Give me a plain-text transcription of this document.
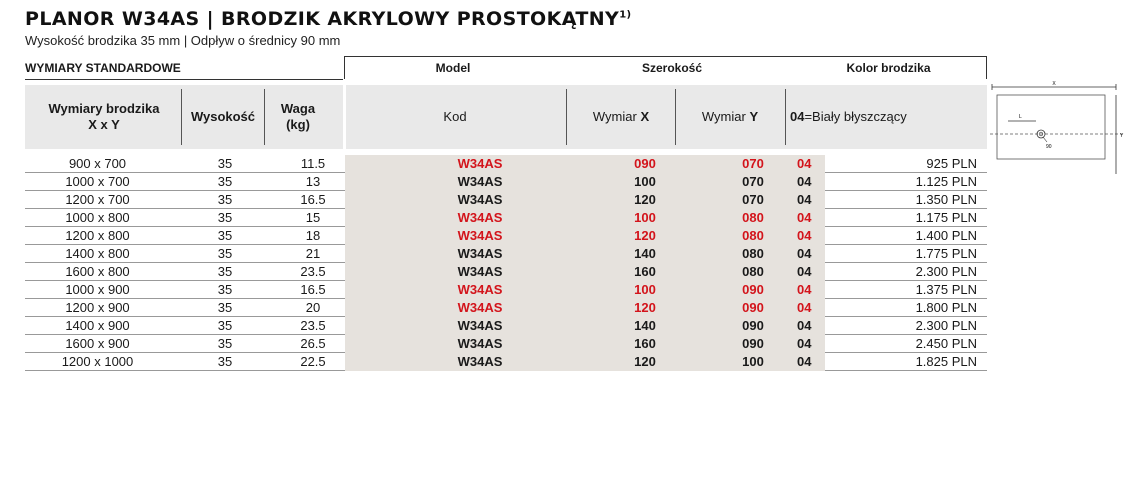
PLANOR W34AS | BRODZIK AKRYLOWY PROSTOKĄTNY$^{1)}$
Wysokość brodzika 35 mm | Odpływ o średnicy 90 mm
WYMIARY STANDARDOWE	Model	Szerokość	Kolor brodzika
Wymiary brodzika
X x Y
Wysokość
Waga
(kg)
Kod	Wymiar X	Wymiar Y 04=Biały błyszczący
900 x 700	35	11.5	W34AS	090	070	04	925 PLN
1000 x 700	35	13	W34AS	100	070	04	1.125 PLN
1200 x 700	35	16.5	W34AS	120	070	04	1.350 PLN
1000 x 800	35	15	W34AS	100	080	04	1.175 PLN
1200 x 800	35	18	W34AS	120	080	04	1.400 PLN
1400 x 800	35	21	W34AS	140	080	04	1.775 PLN
1600 x 800	35	23.5	W34AS	160	080	04	2.300 PLN
1000 x 900	35	16.5	W34AS	100	090	04	1.375 PLN
1200 x 900	35	20	W34AS	120	090	04	1.800 PLN
1400 x 900	35	23.5	W34AS	140	090	04	2.300 PLN
1600 x 900	35	26.5	W34AS	160	090	04	2.450 PLN
1200 x 1000	35	22.5	W34AS	120	100	04	1.825 PLN
X
L
90
Y
